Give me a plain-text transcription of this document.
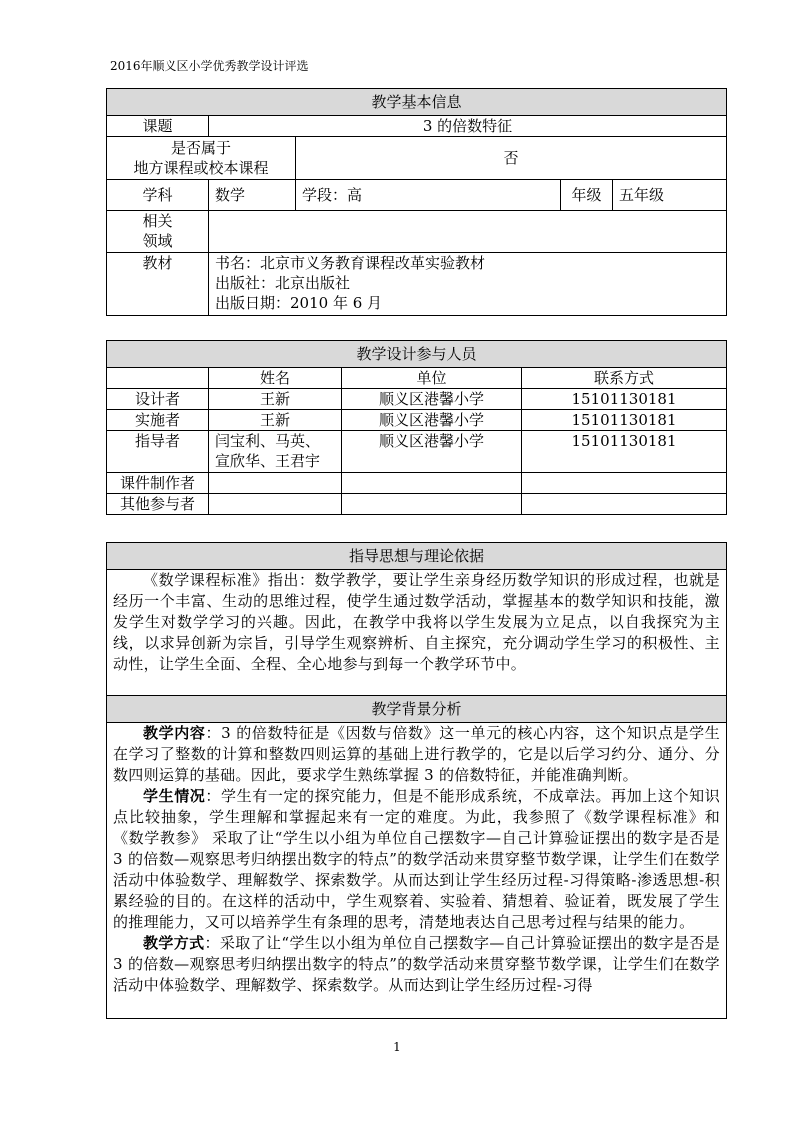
2016年顺义区小学优秀教学设计评选
教学基本信息				
课题	3 的倍数特征			

是否属于
地方课程或校本课程		否		
学科	数学	学段：高	年级	五年级

相关
领域				

教材	书名：北京市义务教育课程改革实验教材
出版社：北京出版社
出版日期：2010 年 6 月			
教学设计参与人员			
	姓名	单位	联系方式
设计者	王新	顺义区港馨小学	15101130181
实施者	王新	顺义区港馨小学	15101130181
指导者	闫宝利、马英、
宣欣华、王君宇	顺义区港馨小学	15101130181
课件制作者			
其他参与者			
指导思想与理论依据

《数学课程标准》指出：数学教学，要让学生亲身经历数学知识的形成过程，也就是经历一个丰富、生动的思维过程，使学生通过数学活动，掌握基本的数学知识和技能，激发学生对数学学习的兴趣。因此，在教学中我将以学生发展为立足点，以自我探究为主线，以求异创新为宗旨，引导学生观察辨析、自主探究，充分调动学生学习的积极性、主动性，让学生全面、全程、全心地参与到每一个教学环节中。

教学背景分析

教学内容：3 的倍数特征是《因数与倍数》这一单元的核心内容，这个知识点是学生在学习了整数的计算和整数四则运算的基础上进行教学的，它是以后学习约分、通分、分数四则运算的基础。因此，要求学生熟练掌握 3 的倍数特征，并能准确判断。
学生情况：学生有一定的探究能力，但是不能形成系统，不成章法。再加上这个知识点比较抽象，学生理解和掌握起来有一定的难度。为此，我参照了《数学课程标准》和《数学教参》 采取了让“学生以小组为单位自己摆数字—自己计算验证摆出的数字是否是 3 的倍数—观察思考归纳摆出数字的特点”的数学活动来贯穿整节数学课，让学生们在数学活动中体验数学、理解数学、探索数学。从而达到让学生经历过程-习得策略-渗透思想-积累经验的目的。在这样的活动中，学生观察着、实验着、猜想着、验证着，既发展了学生的推理能力，又可以培养学生有条理的思考，清楚地表达自己思考过程与结果的能力。
教学方式：采取了让“学生以小组为单位自己摆数字—自己计算验证摆出的数字是否是 3 的倍数—观察思考归纳摆出数字的特点”的数学活动来贯穿整节数学课，让学生们在数学活动中体验数学、理解数学、探索数学。从而达到让学生经历过程-习得
1
